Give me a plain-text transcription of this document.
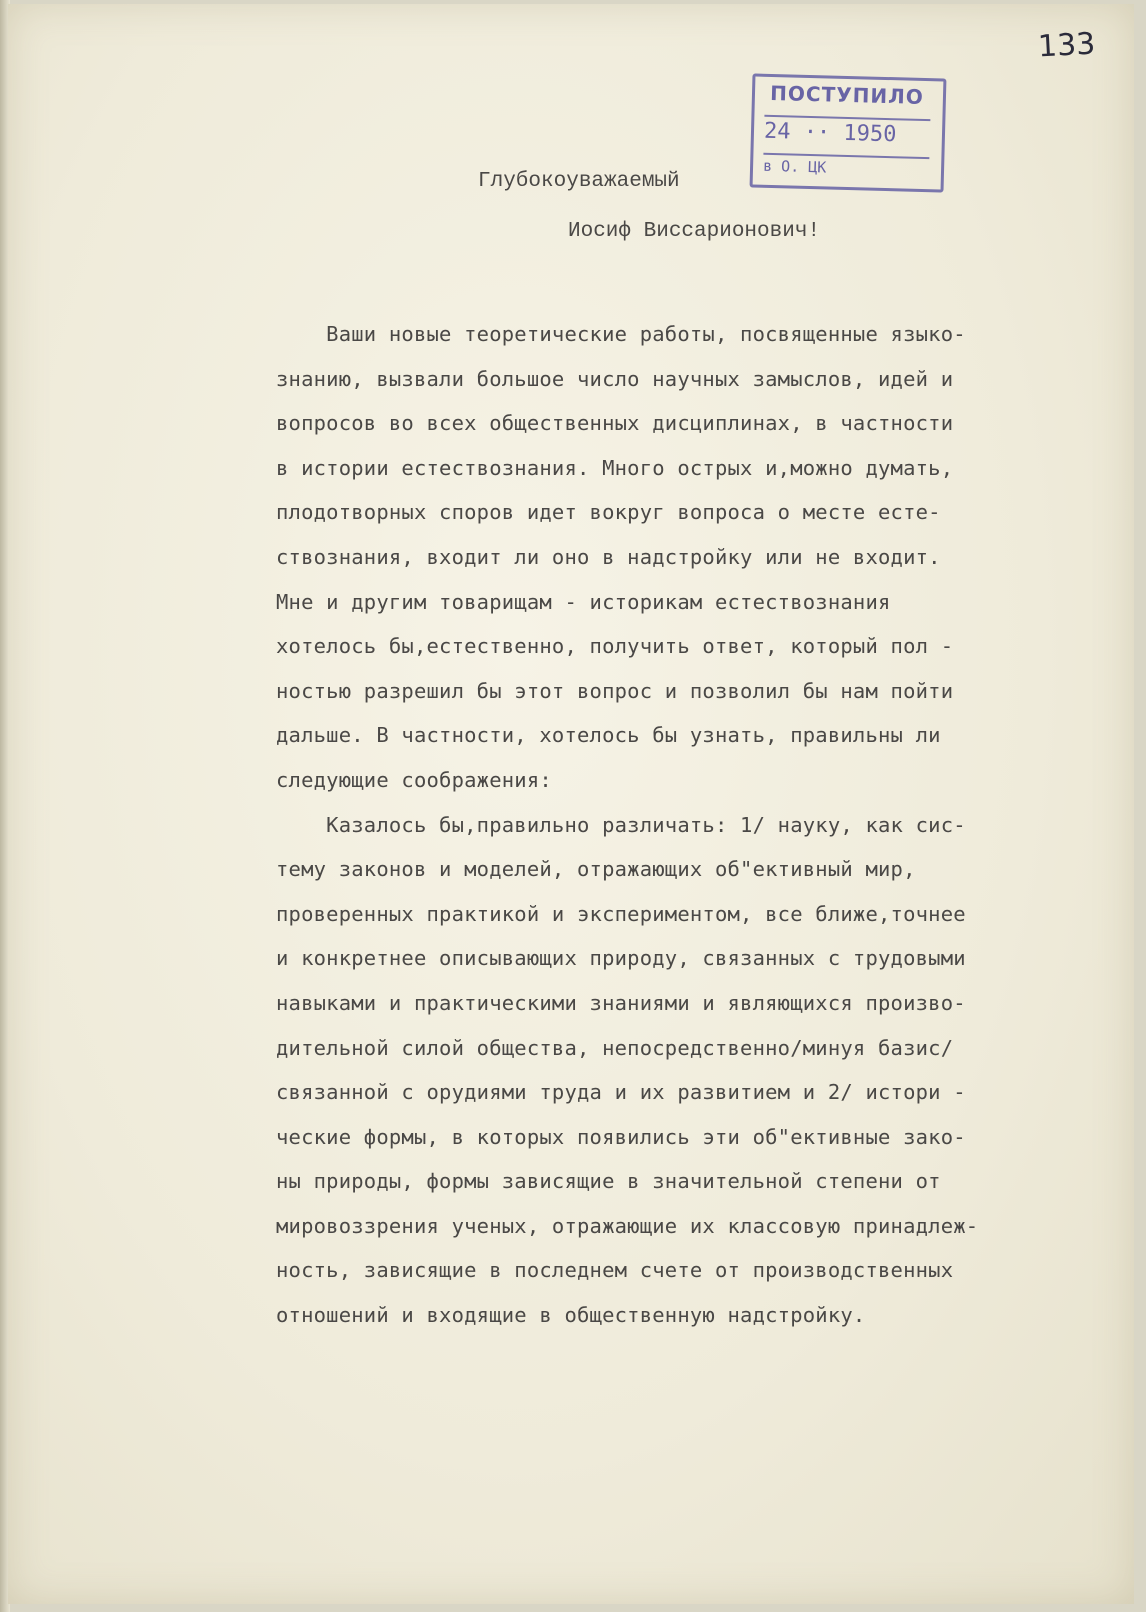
133
ПОСТУПИЛО
24 ·· 1950
в О. ЦК
Глубокоуважаемый
Иосиф Виссарионович!
Ваши новые теоретические работы, посвященные языко-
знанию, вызвали большое число научных замыслов, идей и
вопросов во всех общественных дисциплинах, в частности
в истории естествознания. Много острых и,можно думать,
плодотворных споров идет вокруг вопроса о месте есте-
ствознания, входит ли оно в надстройку или не входит.
Мне и другим товарищам - историкам естествознания
хотелось бы,естественно, получить ответ, который пол -
ностью разрешил бы этот вопрос и позволил бы нам пойти
дальше. В частности, хотелось бы узнать, правильны ли
следующие соображения:
Казалось бы,правильно различать: 1/ науку, как сис-
тему законов и моделей, отражающих об"ективный мир,
проверенных практикой и экспериментом, все ближе,точнее
и конкретнее описывающих природу, связанных с трудовыми
навыками и практическими знаниями и являющихся произво-
дительной силой общества, непосредственно/минуя базис/
связанной с орудиями труда и их развитием и 2/ истори -
ческие формы, в которых появились эти об"ективные зако-
ны природы, формы зависящие в значительной степени от
мировоззрения ученых, отражающие их классовую принадлеж-
ность, зависящие в последнем счете от производственных
отношений и входящие в общественную надстройку.
